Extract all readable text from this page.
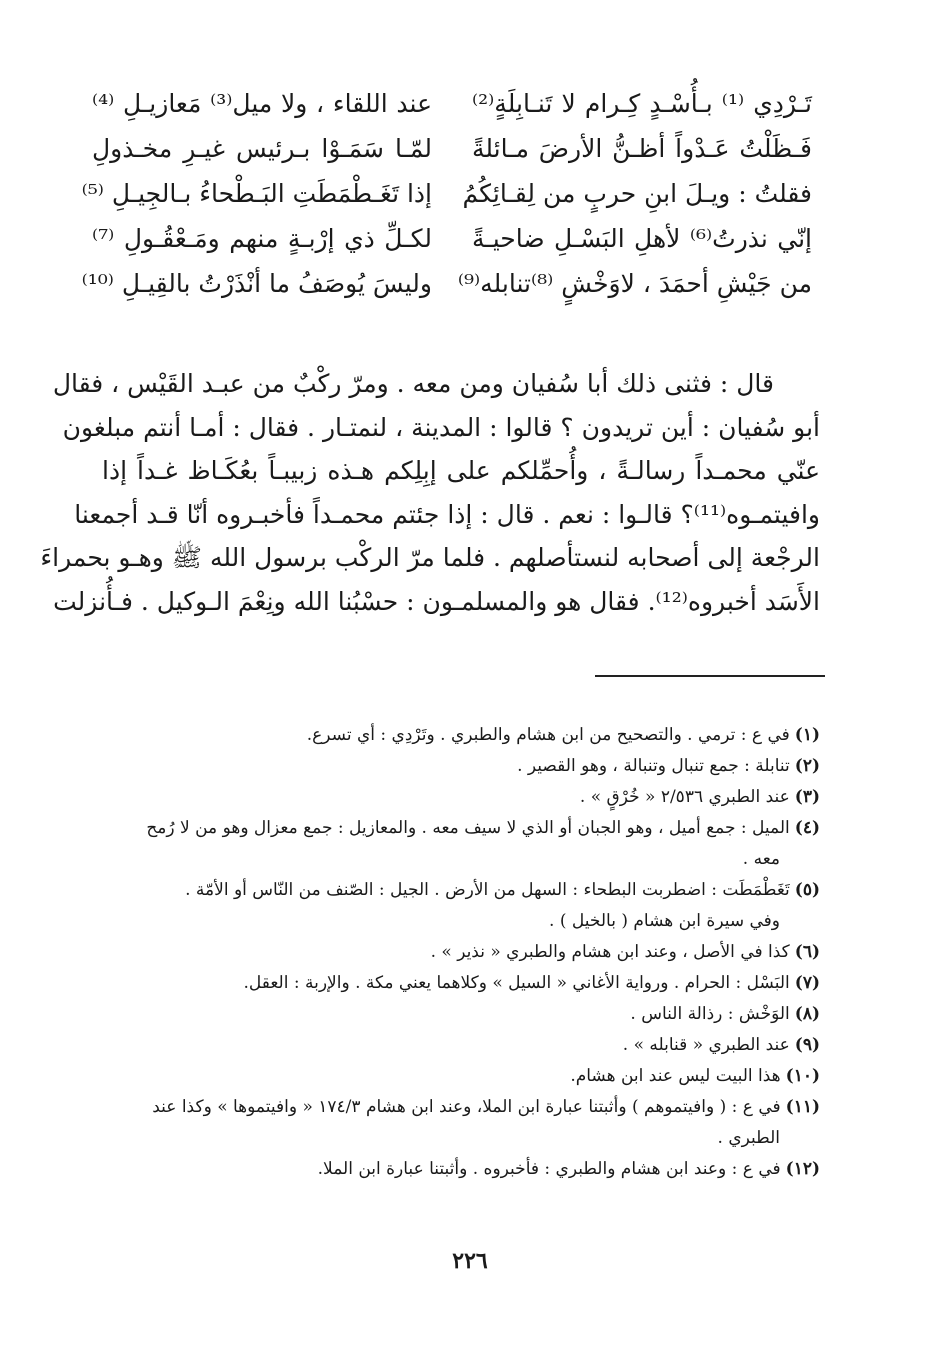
تَـرْدِي ⁽¹⁾ بـأُسْـدٍ كِـرام لا تَنـابِلَةٍ⁽²⁾
عند اللقاء ، ولا ميل⁽³⁾ مَعازيـلِ ⁽⁴⁾
فَـظَلْتُ عَـدْواً أظـنُّ الأرضَ مـائلةً
لمّـا سَمَـوْا بـرئيس غيـرِ مخـذولِ
فقلتُ : ويـلَ ابنِ حربٍ من لِقـائِكُمُ
إذا تَغَـطْمَطَتِ البَـطْحاءُ بـالجِيـلِ ⁽⁵⁾
إنّي نذرتُ⁽⁶⁾ لأهلِ البَسْـلِ ضاحيـةً
لكـلِّ ذي إرْبـةٍ منهم ومَـعْقُـولِ ⁽⁷⁾
من جَيْشِ أحمَدَ ، لاوَخْشٍ ⁽⁸⁾تنابله⁽⁹⁾
وليسَ يُوصَفُ ما أنْذَرْتُ بالقِيـلِ ⁽¹⁰⁾
قال : فثنى ذلك أبا سُفيان ومن معه . ومرّ ركْبٌ من عبـد القَيْس ، فقال
أبو سُفيان : أين تريدون ؟ قالوا : المدينة ، لنمتـار . فقال : أمـا أنتم مبلغون
عنّي محمـداً رسالـةً ، وأُحمِّلكم على إبِلِكم هـذه زبيبـاً بعُكَـاظ غـداً إذا
وافيتمـوه⁽¹¹⁾؟ قالـوا : نعم . قال : إذا جئتم محمـداً فأخبـروه أنّا قـد أجمعنا
الرجْعة إلى أصحابه لنستأصلهم . فلما مرّ الركْب برسول الله ﷺ وهـو بحمراءَ
الأَسَد أخبروه⁽¹²⁾. فقال هو والمسلمـون : حسْبُنا الله ونِعْمَ الـوكيل . فـأُنزلت
(١)
في ع : ترمي . والتصحيح من ابن هشام والطبري . وتَرْدِي : أي تسرع.
(٢)
تنابلة : جمع تنبال وتنبالة ، وهو القصير .
(٣)
عند الطبري ٢/٥٣٦ « خُرْقٍ » .
(٤)
الميل : جمع أميل ، وهو الجبان أو الذي لا سيف معه . والمعازيل : جمع معزال وهو من لا رُمح
معه .
(٥)
تَغَطْمَطَت : اضطربت البطحاء : السهل من الأرض . الجيل : الصّنف من النّاس أو الأمّة .
وفي سيرة ابن هشام ( بالخيل ) .
(٦)
كذا في الأصل ، وعند ابن هشام والطبري « نذير » .
(٧)
البَسْل : الحرام . ورواية الأغاني « السيل » وكلاهما يعني مكة . والإربة : العقل.
(٨)
الوَخْش : رذالة الناس .
(٩)
عند الطبري « قنابله » .
(١٠)
هذا البيت ليس عند ابن هشام.
(١١)
في ع : ( وافيتموهم ) وأثبتنا عبارة ابن الملا، وعند ابن هشام ١٧٤/٣ « وافيتموها » وكذا عند
الطبري .
(١٢)
في ع : وعند ابن هشام والطبري : فأخبروه . وأثبتنا عبارة ابن الملا.
٢٢٦
